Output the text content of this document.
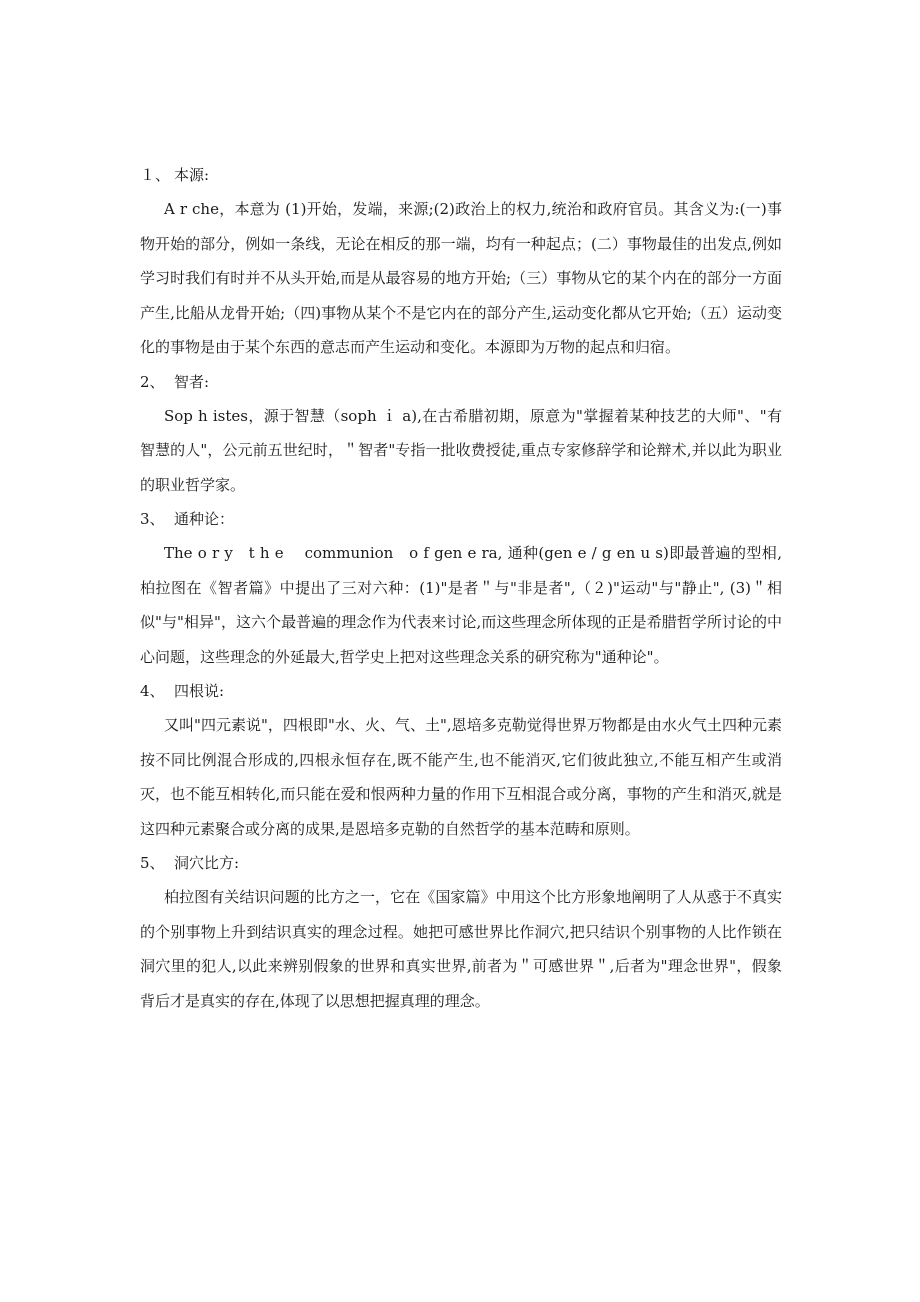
１、 本源:

A r che，本意为 (1)开始，发端，来源;(2)政治上的权力,统治和政府官员。其含义为:(一)事物开始的部分，例如一条线，无论在相反的那一端，均有一种起点；(二）事物最佳的出发点,例如学习时我们有时并不从头开始,而是从最容易的地方开始;（三）事物从它的某个内在的部分一方面产生,比船从龙骨开始;（四)事物从某个不是它内在的部分产生,运动变化都从它开始;（五）运动变化的事物是由于某个东西的意志而产生运动和变化。本源即为万物的起点和归宿。

2、 智者:

Sop h istes，源于智慧（soph ｉ a),在古希腊初期，原意为"掌握着某种技艺的大师"、"有智慧的人"，公元前五世纪时，＂智者"专指一批收费授徒,重点专家修辞学和论辩术,并以此为职业的职业哲学家。

3、 通种论：

The o r y　t h e　 communion　o f gen e ra, 通种(gen e / g en u s)即最普遍的型相,柏拉图在《智者篇》中提出了三对六种：(1)"是者＂与"非是者",（２)"运动"与"静止", (3)＂相似"与"相异"，这六个最普遍的理念作为代表来讨论,而这些理念所体现的正是希腊哲学所讨论的中心问题，这些理念的外延最大,哲学史上把对这些理念关系的研究称为"通种论"。

4、 四根说:

又叫"四元素说"，四根即"水、火、气、土",恩培多克勒觉得世界万物都是由水火气土四种元素按不同比例混合形成的,四根永恒存在,既不能产生,也不能消灭,它们彼此独立,不能互相产生或消灭，也不能互相转化,而只能在爱和恨两种力量的作用下互相混合或分离，事物的产生和消灭,就是这四种元素聚合或分离的成果,是恩培多克勒的自然哲学的基本范畴和原则。

5、 洞穴比方:

柏拉图有关结识问题的比方之一，它在《国家篇》中用这个比方形象地阐明了人从惑于不真实的个别事物上升到结识真实的理念过程。她把可感世界比作洞穴,把只结识个别事物的人比作锁在洞穴里的犯人,以此来辨别假象的世界和真实世界,前者为＂可感世界＂,后者为"理念世界"，假象背后才是真实的存在,体现了以思想把握真理的理念。
